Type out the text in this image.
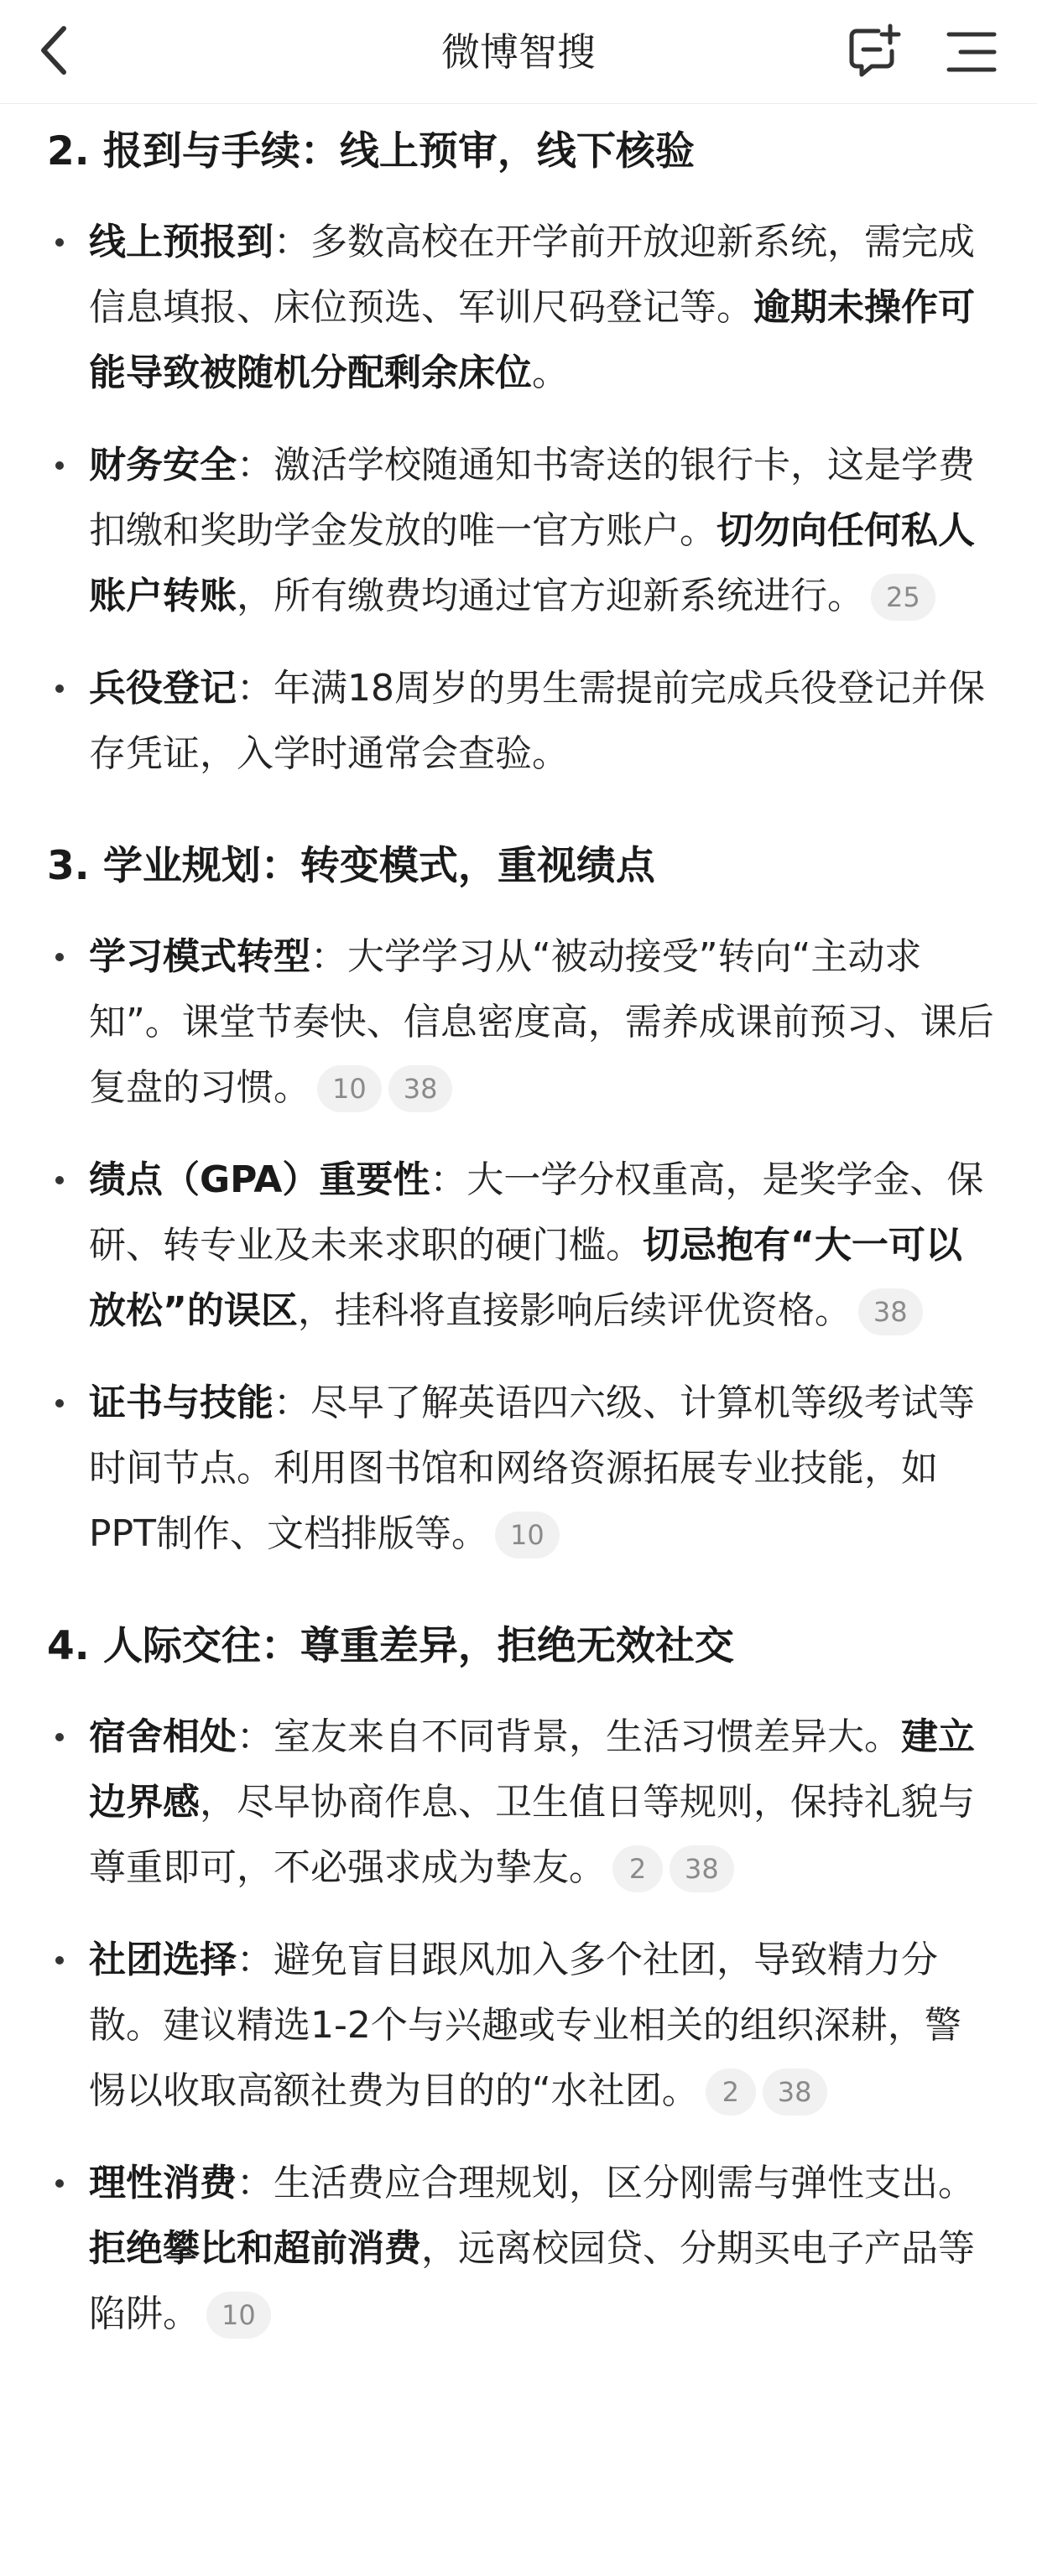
微博智搜
2. 报到与手续：线上预审，线下核验
线上预报到：多数高校在开学前开放迎新系统，需完成信息填报、床位预选、军训尺码登记等。逾期未操作可能导致被随机分配剩余床位。
财务安全：激活学校随通知书寄送的银行卡，这是学费扣缴和奖助学金发放的唯一官方账户。切勿向任何私人账户转账，所有缴费均通过官方迎新系统进行。 25
兵役登记：年满18周岁的男生需提前完成兵役登记并保存凭证，入学时通常会查验。
3. 学业规划：转变模式，重视绩点
学习模式转型：大学学习从“被动接受”转向“主动求知”。课堂节奏快、信息密度高，需养成课前预习、课后复盘的习惯。 10 38
绩点（GPA）重要性：大一学分权重高，是奖学金、保研、转专业及未来求职的硬门槛。切忌抱有“大一可以放松”的误区，挂科将直接影响后续评优资格。 38
证书与技能：尽早了解英语四六级、计算机等级考试等时间节点。利用图书馆和网络资源拓展专业技能，如PPT制作、文档排版等。 10
4. 人际交往：尊重差异，拒绝无效社交
宿舍相处：室友来自不同背景，生活习惯差异大。建立边界感，尽早协商作息、卫生值日等规则，保持礼貌与尊重即可，不必强求成为挚友。 2 38
社团选择：避免盲目跟风加入多个社团，导致精力分散。建议精选1-2个与兴趣或专业相关的组织深耕，警惕以收取高额社费为目的的“水社团。 2 38
理性消费：生活费应合理规划，区分刚需与弹性支出。拒绝攀比和超前消费，远离校园贷、分期买电子产品等陷阱。 10
